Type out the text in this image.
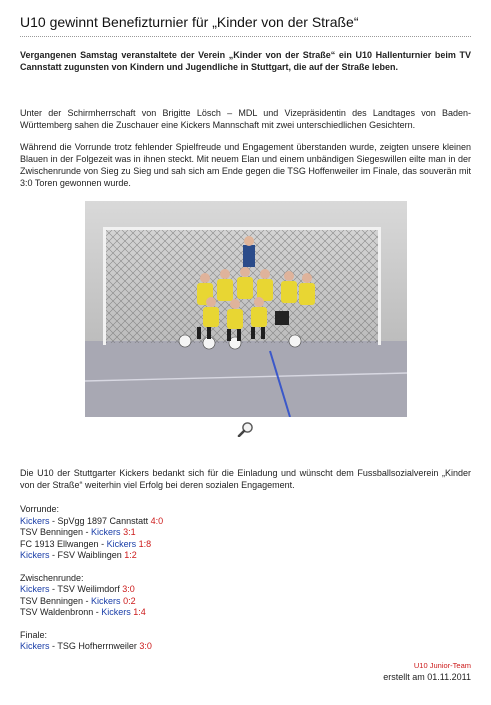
U10 gewinnt Benefizturnier für „Kinder von der Straße“

Vergangenen Samstag veranstaltete der Verein „Kinder von der Straße“ ein U10 Hallenturnier beim TV Cannstatt zugunsten von Kindern und Jugendliche in Stuttgart, die auf der Straße leben.

Unter der Schirmherrschaft von Brigitte Lösch – MDL und Vizepräsidentin des Landtages von Baden-Württemberg sahen die Zuschauer eine Kickers Mannschaft mit zwei unterschiedlichen Gesichtern.

Während die Vorrunde trotz fehlender Spielfreude und Engagement überstanden wurde, zeigten unsere kleinen Blauen in der Folgezeit was in ihnen steckt. Mit neuem Elan und einem unbändigen Siegeswillen eilte man in der Zwischenrunde von Sieg zu Sieg und sah sich am Ende gegen die TSG Hoffenweiler im Finale, das souverän mit 3:0 Toren gewonnen wurde.

Die U10 der Stuttgarter Kickers bedankt sich für die Einladung und wünscht dem Fussballsozialverein „Kinder von der Straße“ weiterhin viel Erfolg bei deren sozialen Engagement.

Vorrunde:
Kickers - SpVgg 1897 Cannstatt 4:0
TSV Benningen - Kickers 3:1
FC 1913 Ellwangen - Kickers 1:8
Kickers - FSV Waiblingen 1:2
Zwischenrunde:
Kickers - TSV Weilimdorf 3:0
TSV Benningen - Kickers 0:2
TSV Waldenbronn - Kickers 1:4
Finale:
Kickers - TSG Hofherrnweiler 3:0
U10 Junior-Team
erstellt am 01.11.2011
